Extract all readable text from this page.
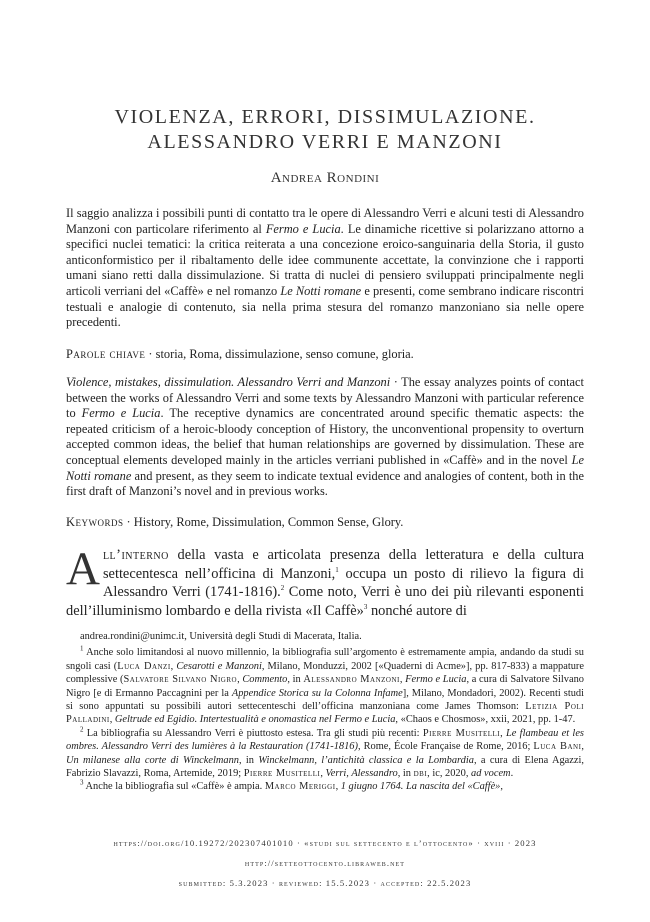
VIOLENZA, ERRORI, DISSIMULAZIONE.
ALESSANDRO VERRI E MANZONI
Andrea Rondini

Il saggio analizza i possibili punti di contatto tra le opere di Alessandro Verri e alcuni testi di Alessandro Manzoni con particolare riferimento al Fermo e Lucia. Le dinamiche ricettive si polarizzano attorno a specifici nuclei tematici: la critica reiterata a una concezione eroico-sanguinaria della Storia, il gusto anticonformistico per il ribaltamento delle idee communente accettate, la convinzione che i rapporti umani siano retti dalla dissimulazione. Si tratta di nuclei di pensiero sviluppati principalmente negli articoli verriani del «Caffè» e nel romanzo Le Notti romane e presenti, come sembrano indicare riscontri testuali e analogie di contenuto, sia nella prima stesura del romanzo manzoniano sia nelle opere precedenti.

Parole chiave · storia, Roma, dissimulazione, senso comune, gloria.

Violence, mistakes, dissimulation. Alessandro Verri and Manzoni · The essay analyzes points of contact between the works of Alessandro Verri and some texts by Alessandro Manzoni with particular reference to Fermo e Lucia. The receptive dynamics are concentrated around specific thematic aspects: the repeated criticism of a heroic-bloody conception of History, the unconventional propensity to overturn accepted common ideas, the belief that human relationships are governed by dissimulation. These are conceptual elements developed mainly in the articles verriani published in «Caffè» and in the novel Le Notti romane and present, as they seem to indicate textual evidence and analogies of content, both in the first draft of Manzoni’s novel and in previous works.

Keywords · History, Rome, Dissimulation, Common Sense, Glory.

All’interno della vasta e articolata presenza della letteratura e della cultura settecentesca nell’officina di Manzoni,$^1$ occupa un posto di rilievo la figura di Alessandro Verri (1741-1816).$^2$ Come noto, Verri è uno dei più rilevanti esponenti dell’illuminismo lombardo e della rivista «Il Caffè»$^3$ nonché autore di

andrea.rondini@unimc.it, Università degli Studi di Macerata, Italia.

$^1$ Anche solo limitandosi al nuovo millennio, la bibliografia sull’argomento è estremamente ampia, andando da studi su sngoli casi (Luca Danzi, Cesarotti e Manzoni, Milano, Monduzzi, 2002 [«Quaderni di Acme»], pp. 817-833) a mappature complessive (Salvatore Silvano Nigro, Commento, in Alessandro Manzoni, Fermo e Lucia, a cura di Salvatore Silvano Nigro [e di Ermanno Paccagnini per la Appendice Storica su la Colonna Infame], Milano, Mondadori, 2002). Recenti studi si sono appuntati su possibili autori settecenteschi dell’officina manzoniana come James Thomson: Letizia Poli Palladini, Geltrude ed Egidio. Intertestualità e onomastica nel Fermo e Lucia, «Chaos e Chosmos», xxii, 2021, pp. 1-47.

$^2$ La bibliografia su Alessandro Verri è piuttosto estesa. Tra gli studi più recenti: Pierre Musitelli, Le flambeau et les ombres. Alessandro Verri des lumières à la Restauration (1741-1816), Rome, École Française de Rome, 2016; Luca Bani, Un milanese alla corte di Winckelmann, in Winckelmann, l’antichità classica e la Lombardia, a cura di Elena Agazzi, Fabrizio Slavazzi, Roma, Artemide, 2019; Pierre Musitelli, Verri, Alessandro, in dbi, ic, 2020, ad vocem.

$^3$ Anche la bibliografia sul «Caffè» è ampia. Marco Meriggi, 1 giugno 1764. La nascita del «Caffè»,

https://doi.org/10.19272/202307401010 · «studi sul settecento e l’ottocento» · xviii · 2023
http://setteottocento.libraweb.net
submitted: 5.3.2023 · reviewed: 15.5.2023 · accepted: 22.5.2023
